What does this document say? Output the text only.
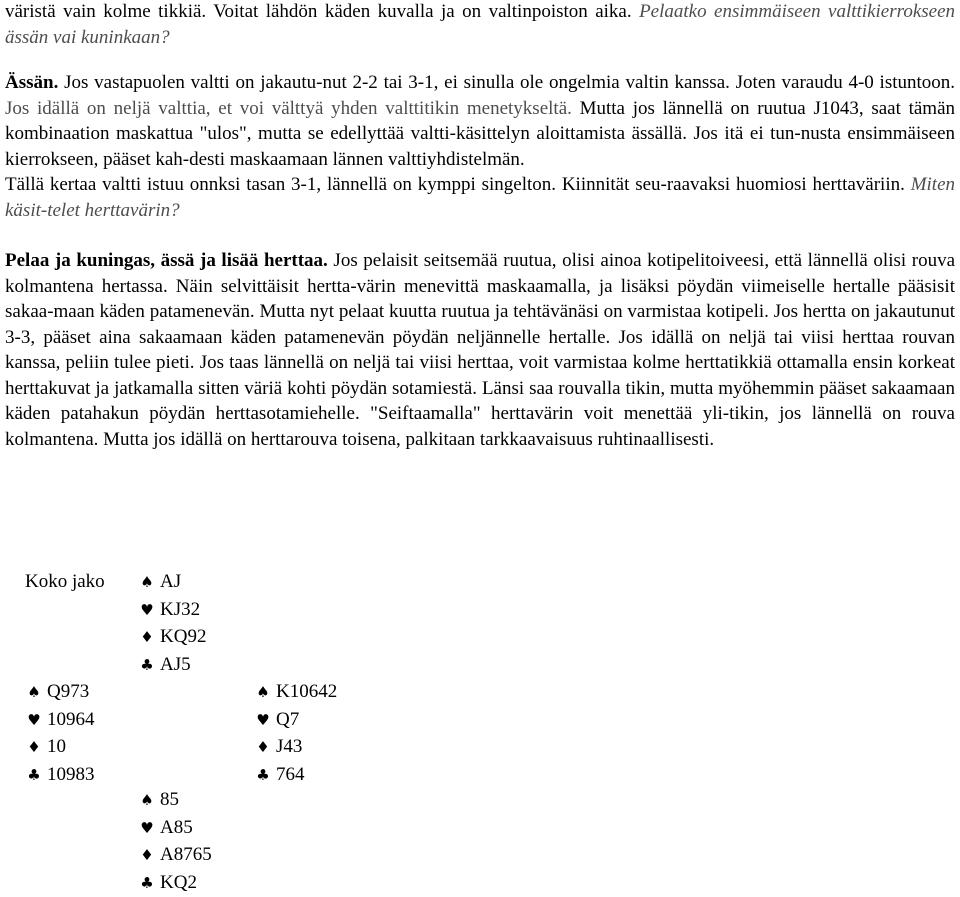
väristä vain kolme tikkiä. Voitat lähdön käden kuvalla ja on valtinpoiston aika. Pelaatko ensimmäiseen valttikierrokseen ässän vai kuninkaan?

Ässän. Jos vastapuolen valtti on jakautu-nut 2-2 tai 3-1, ei sinulla ole ongelmia valtin kanssa. Joten varaudu 4-0 istuntoon. Jos idällä on neljä valttia, et voi välttyä yhden valttitikin menetykseltä. Mutta jos lännellä on ruutua J1043, saat tämän kombinaation maskattua "ulos", mutta se edellyttää valtti-käsittelyn aloittamista ässällä. Jos itä ei tun-nusta ensimmäiseen kierrokseen, pääset kah-desti maskaamaan lännen valttiyhdistelmän.

Tällä kertaa valtti istuu onnksi tasan 3-1, lännellä on kymppi singelton. Kiinnität seu-raavaksi huomiosi herttaväriin. Miten käsit-telet herttavärin?

Pelaa ja kuningas, ässä ja lisää herttaa. Jos pelaisit seitsemää ruutua, olisi ainoa kotipelitoiveesi, että lännellä olisi rouva kolmantena hertassa. Näin selvittäisit hertta-värin menevittä maskaamalla, ja lisäksi pöydän viimeiselle hertalle pääsisit sakaa-maan käden patamenevän. Mutta nyt pelaat kuutta ruutua ja tehtävänäsi on varmistaa kotipeli. Jos hertta on jakautunut 3-3, pääset aina sakaamaan käden patamenevän pöydän neljännelle hertalle. Jos idällä on neljä tai viisi herttaa rouvan kanssa, peliin tulee pieti. Jos taas lännellä on neljä tai viisi herttaa, voit varmistaa kolme herttatikkiä ottamalla ensin korkeat herttakuvat ja jatkamalla sitten väriä kohti pöydän sotamiestä. Länsi saa rouvalla tikin, mutta myöhemmin pääset sakaamaan käden patahakun pöydän herttasotamiehelle. "Seiftaamalla" herttavärin voit menettää yli-tikin, jos lännellä on rouva kolmantena. Mutta jos idällä on herttarouva toisena, palkitaan tarkkaavaisuus ruhtinaallisesti.

Koko jako ♠ AJ
♥ KJ32
♦ KQ92
♣ AJ5
♠ Q973
♥ 10964
♦ 10
♣ 10983
♠ K10642
♥ Q7
♦ J43
♣ 764
♠ 85
♥ A85
♦ A8765
♣ KQ2
